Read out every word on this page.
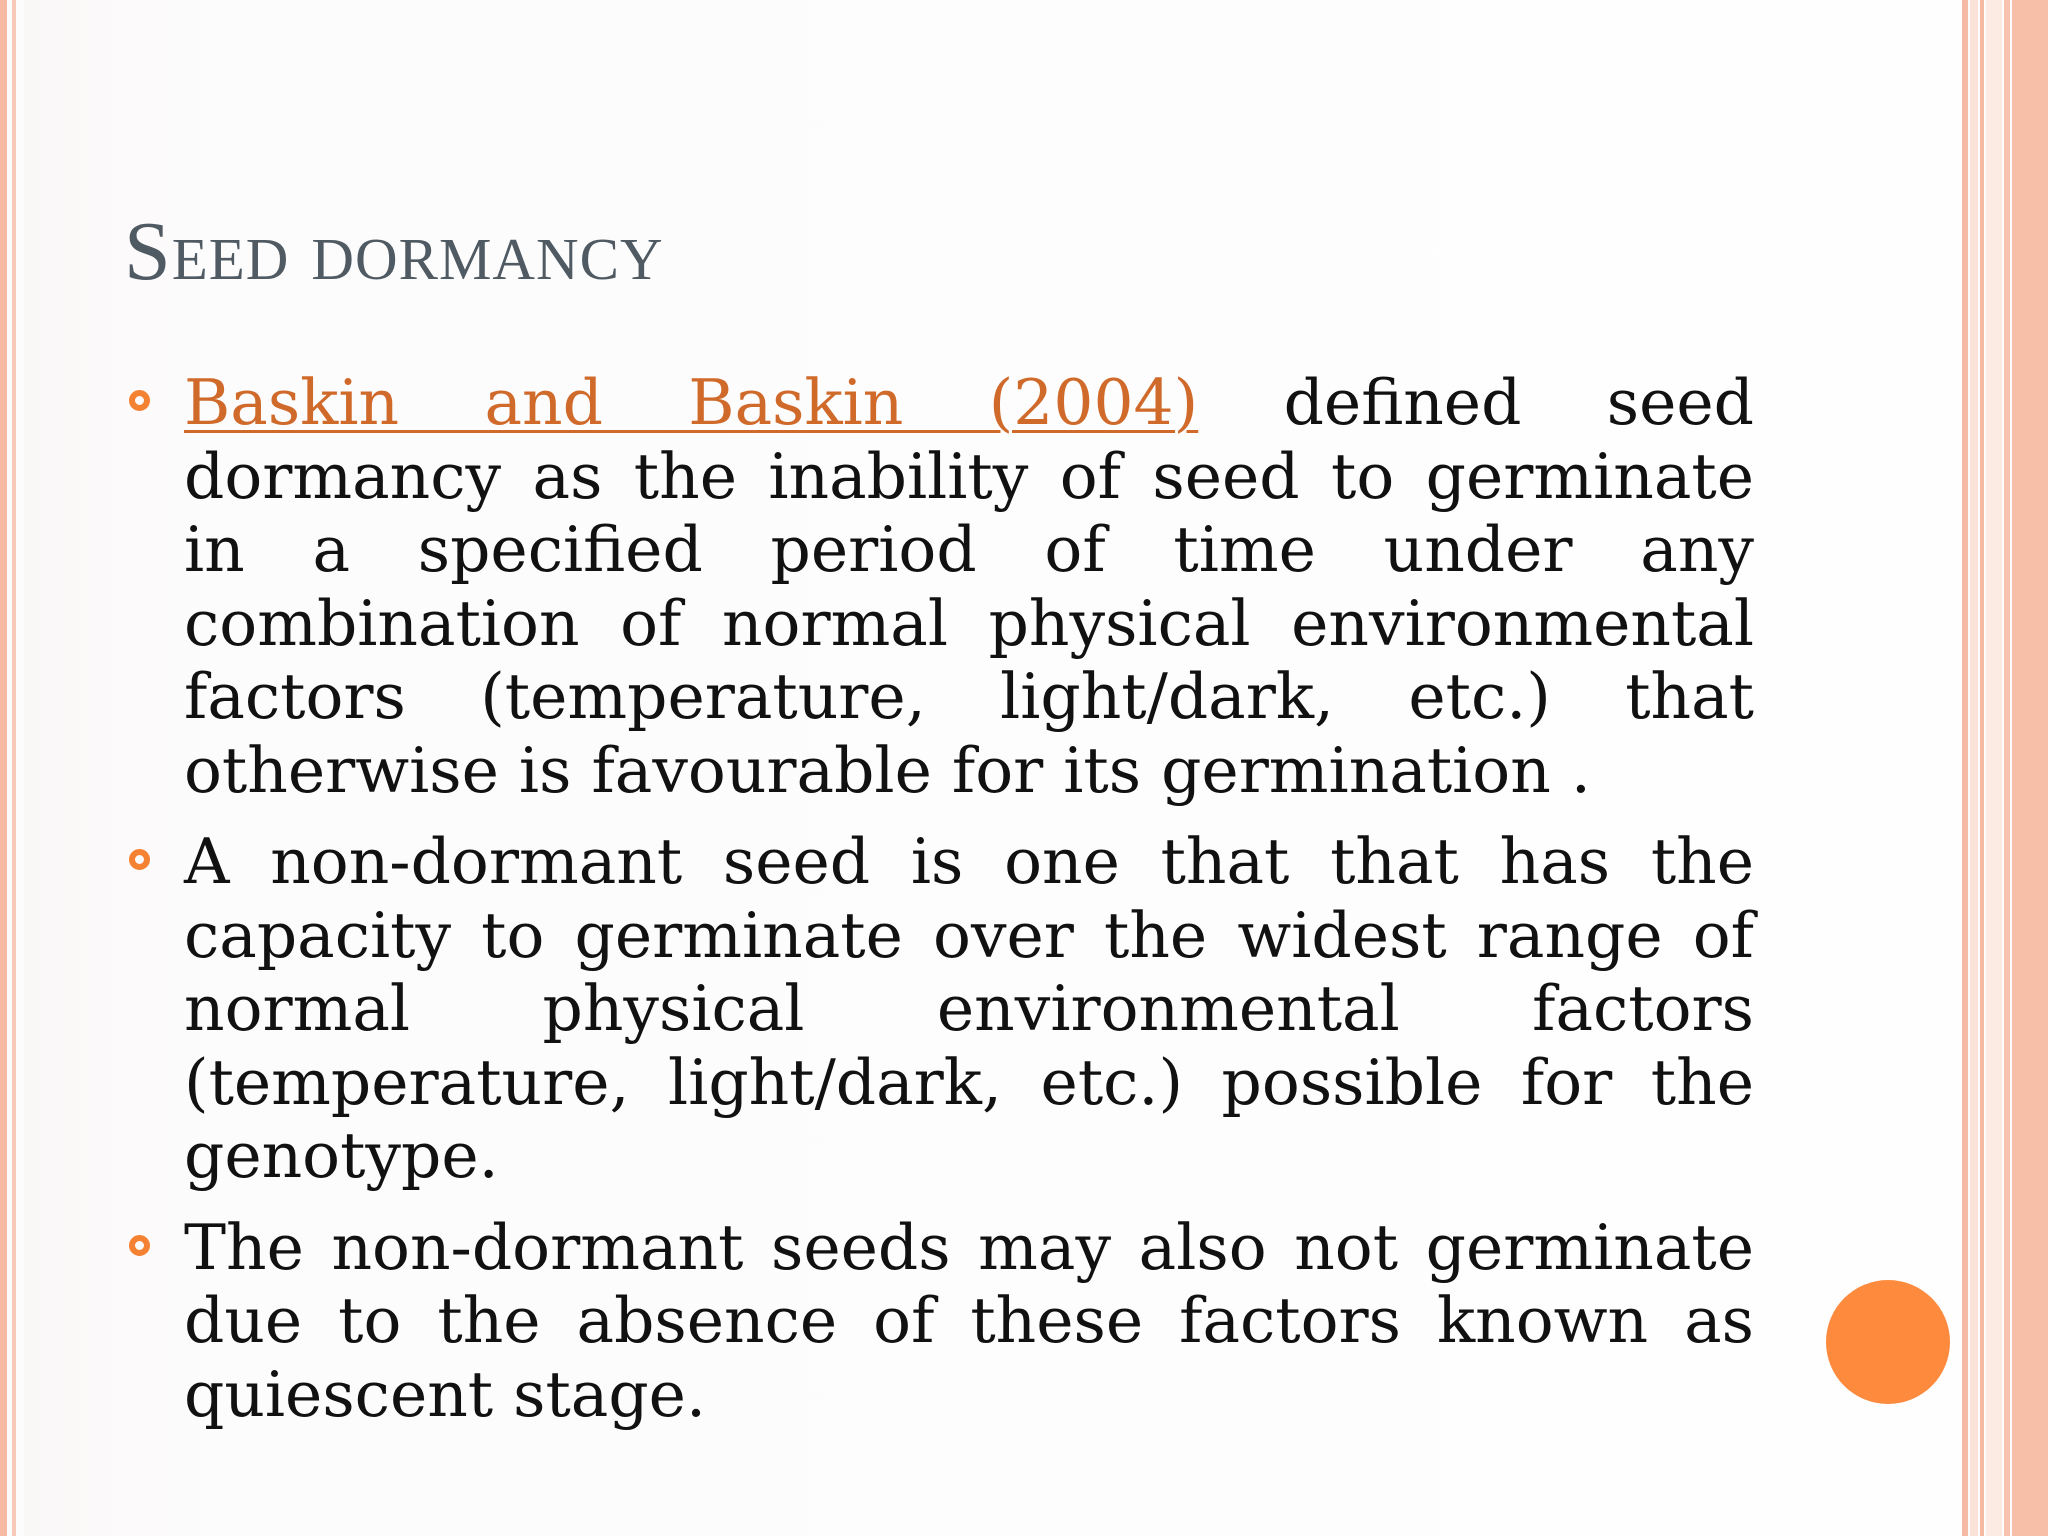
Seed dormancy
Baskin and Baskin (2004) defined seed dormancy as the inability of seed to germinate in a specified period of time under any combination of normal physical environmental factors (temperature, light/dark, etc.) that otherwise is favourable for its germination .
A non-dormant seed is one that that has the capacity to germinate over the widest range of normal physical environmental factors (temperature, light/dark, etc.) possible for the genotype.
The non-dormant seeds may also not germinate due to the absence of these factors known as quiescent stage.
